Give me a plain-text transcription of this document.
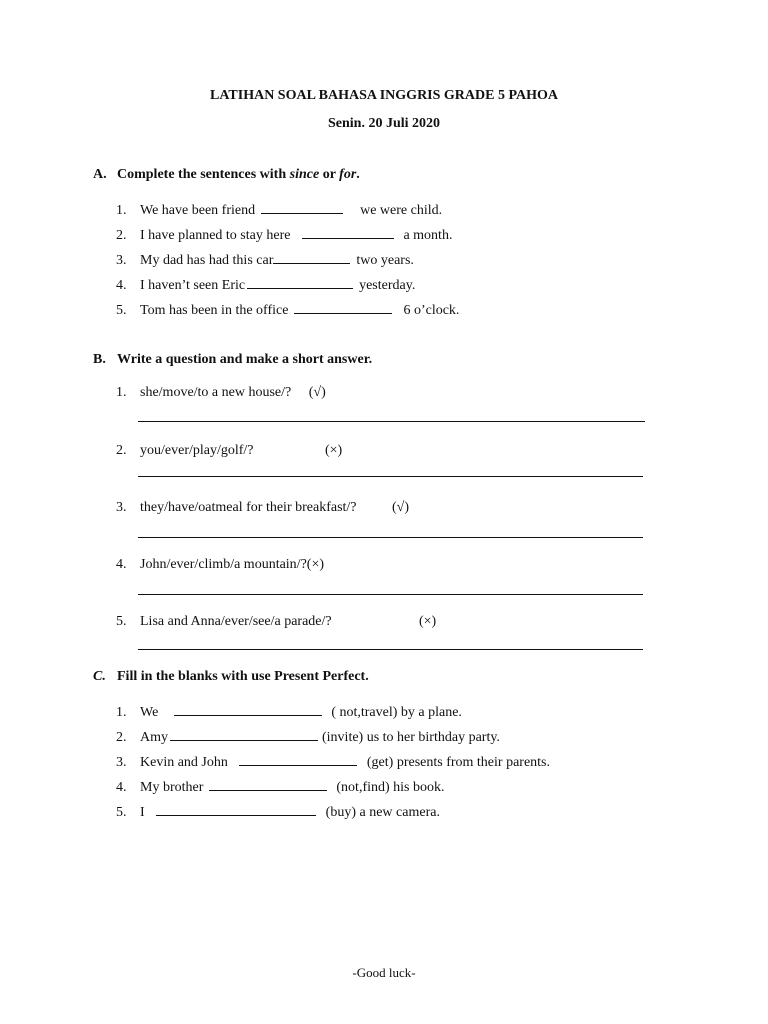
LATIHAN SOAL BAHASA INGGRIS GRADE 5 PAHOA
Senin. 20 Juli 2020
A. Complete the sentences with since or for.
1. We have been friend	we were child.
2. I have planned to stay here	a month.
3. My dad has had this car	two years.
4. I haven’t seen Eric	yesterday.
5. Tom has been in the office	6 o’clock.
B. Write a question and make a short answer.
1. she/move/to a new house/? (√)
2. you/ever/play/golf/?	(×)
3. they/have/oatmeal for their breakfast/?	(√)
4. John/ever/climb/a mountain/?(×)
5. Lisa and Anna/ever/see/a parade/?	(×)
C. Fill in the blanks with use Present Perfect.
1. We	( not,travel) by a plane.
2. Amy	(invite) us to her birthday party.
3. Kevin and John	(get) presents from their parents.
4. My brother	(not,find) his book.
5. I	(buy) a new camera.
-Good luck-
